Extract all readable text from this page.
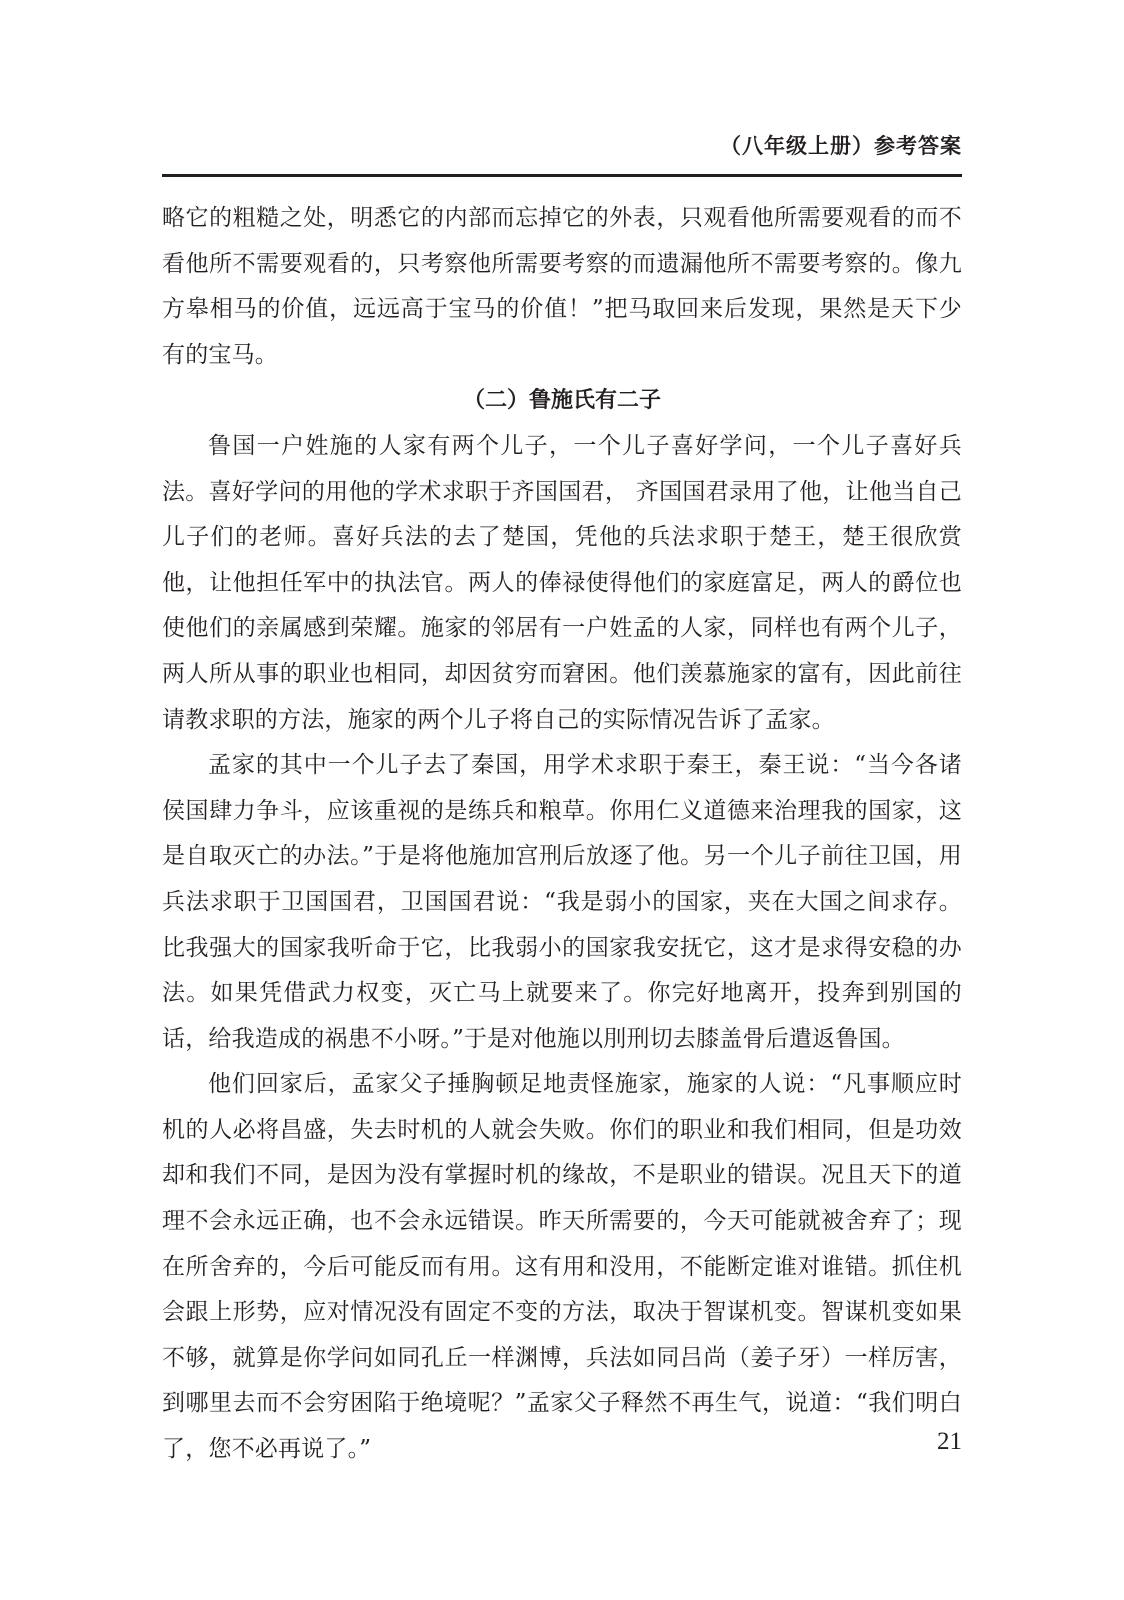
（八年级上册）参考答案

略它的粗糙之处，明悉它的内部而忘掉它的外表，只观看他所需要观看的而不看他所不需要观看的，只考察他所需要考察的而遗漏他所不需要考察的。像九方皋相马的价值，远远高于宝马的价值！”把马取回来后发现，果然是天下少有的宝马。

（二）鲁施氏有二子

鲁国一户姓施的人家有两个儿子，一个儿子喜好学问，一个儿子喜好兵法。喜好学问的用他的学术求职于齐国国君， 齐国国君录用了他，让他当自己儿子们的老师。喜好兵法的去了楚国，凭他的兵法求职于楚王，楚王很欣赏他，让他担任军中的执法官。两人的俸禄使得他们的家庭富足，两人的爵位也使他们的亲属感到荣耀。施家的邻居有一户姓孟的人家，同样也有两个儿子，两人所从事的职业也相同，却因贫穷而窘困。他们羡慕施家的富有，因此前往请教求职的方法，施家的两个儿子将自己的实际情况告诉了孟家。

孟家的其中一个儿子去了秦国，用学术求职于秦王，秦王说：“当今各诸侯国肆力争斗，应该重视的是练兵和粮草。你用仁义道德来治理我的国家，这是自取灭亡的办法。”于是将他施加宫刑后放逐了他。另一个儿子前往卫国，用兵法求职于卫国国君，卫国国君说：“我是弱小的国家，夹在大国之间求存。比我强大的国家我听命于它，比我弱小的国家我安抚它，这才是求得安稳的办法。如果凭借武力权变，灭亡马上就要来了。你完好地离开，投奔到别国的话，给我造成的祸患不小呀。”于是对他施以刖刑切去膝盖骨后遣返鲁国。

他们回家后，孟家父子捶胸顿足地责怪施家，施家的人说：“凡事顺应时机的人必将昌盛，失去时机的人就会失败。你们的职业和我们相同，但是功效却和我们不同，是因为没有掌握时机的缘故，不是职业的错误。况且天下的道理不会永远正确，也不会永远错误。昨天所需要的，今天可能就被舍弃了；现在所舍弃的，今后可能反而有用。这有用和没用，不能断定谁对谁错。抓住机会跟上形势，应对情况没有固定不变的方法，取决于智谋机变。智谋机变如果不够，就算是你学问如同孔丘一样渊博，兵法如同吕尚（姜子牙）一样厉害，到哪里去而不会穷困陷于绝境呢？”孟家父子释然不再生气，说道：“我们明白了，您不必再说了。”	21
